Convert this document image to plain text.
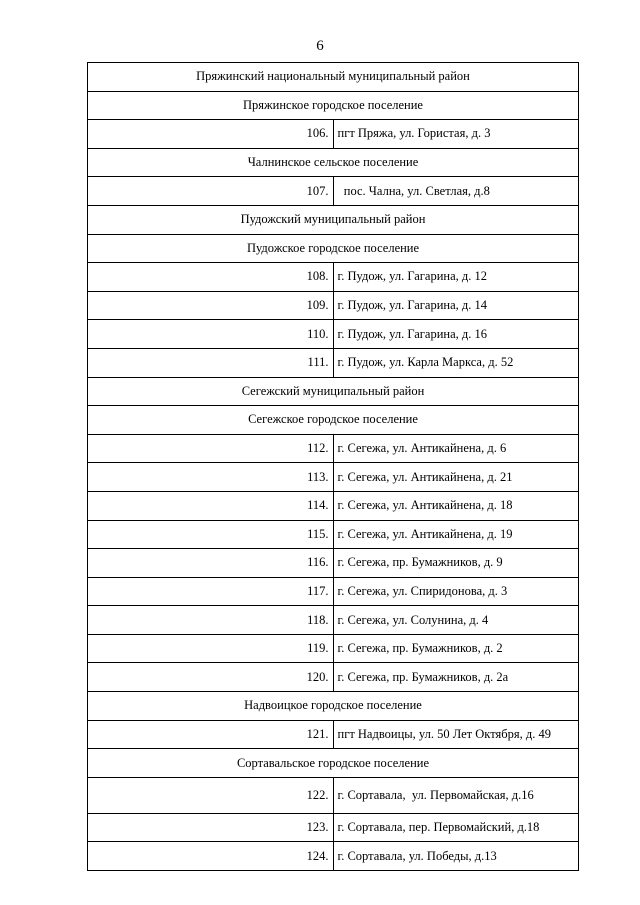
6
Пряжинский национальный муниципальный район	
Пряжинское городское поселение	
106.	пгт Пряжа, ул. Гористая, д. 3
Чалнинское сельское поселение	
107.	пос. Чална, ул. Светлая, д.8
Пудожский муниципальный район	
Пудожское городское поселение	
108.	г. Пудож, ул. Гагарина, д. 12
109.	г. Пудож, ул. Гагарина, д. 14
110.	г. Пудож, ул. Гагарина, д. 16
111.	г. Пудож, ул. Карла Маркса, д. 52
Сегежский муниципальный район	
Сегежское городское поселение	
112.	г. Сегежа, ул. Антикайнена, д. 6
113.	г. Сегежа, ул. Антикайнена, д. 21
114.	г. Сегежа, ул. Антикайнена, д. 18
115.	г. Сегежа, ул. Антикайнена, д. 19
116.	г. Сегежа, пр. Бумажников, д. 9
117.	г. Сегежа, ул. Спиридонова, д. 3
118.	г. Сегежа, ул. Солунина, д. 4
119.	г. Сегежа, пр. Бумажников, д. 2
120.	г. Сегежа, пр. Бумажников, д. 2а
Надвоицкое городское поселение	
121.	пгт Надвоицы, ул. 50 Лет Октября, д. 49
Сортавальское городское поселение	
122.	г. Сортавала,  ул. Первомайская, д.16
123.	г. Сортавала, пер. Первомайский, д.18
124.	г. Сортавала, ул. Победы, д.13
